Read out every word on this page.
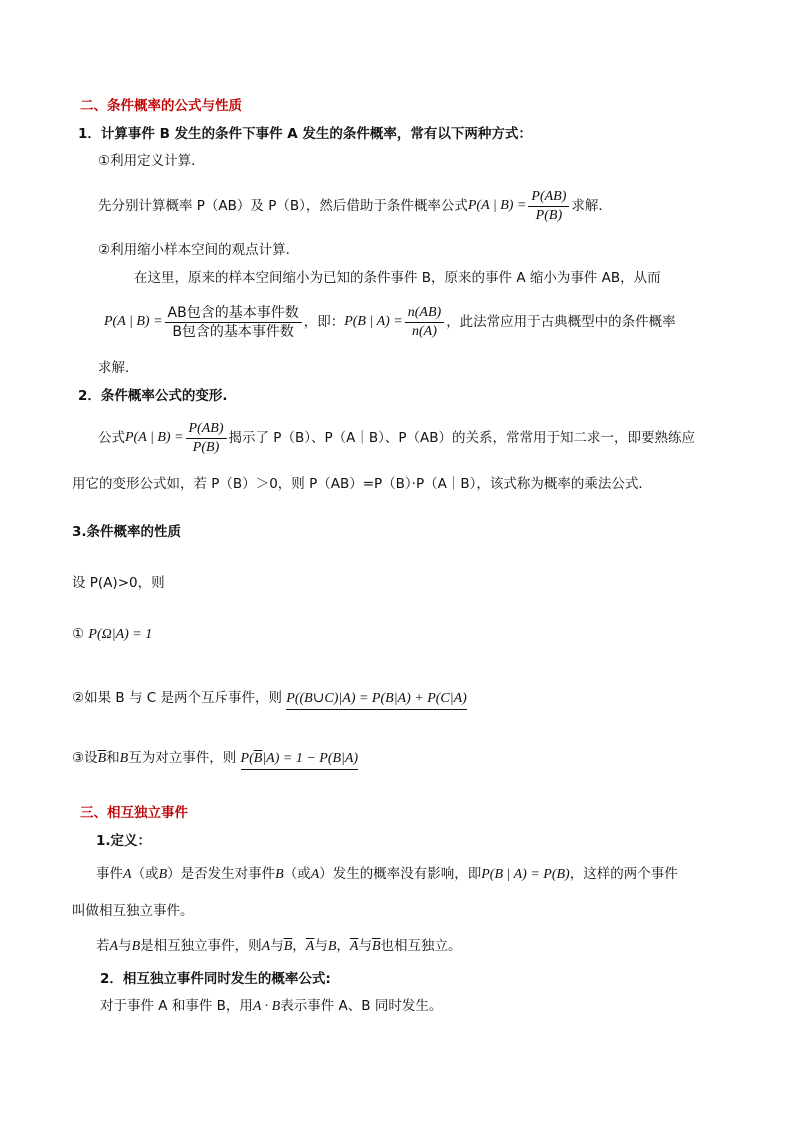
二、条件概率的公式与性质
1．计算事件 B 发生的条件下事件 A 发生的条件概率，常有以下两种方式：
①利用定义计算．
先分别计算概率 P（AB）及 P（B），然后借助于条件概率公式 P(A | $B) = \frac{P(AB)}{P(B)}$ 求解．
②利用缩小样本空间的观点计算．
在这里，原来的样本空间缩小为已知的条件事件 B，原来的事件 A 缩小为事件 AB，从而
P(A | $B) = \frac{\text{AB包含的基本事件数}}{\text{B包含的基本事件数}}$ ，即： P(B | $A) = \frac{n(AB)}{n(A)}$ ，此法常应用于古典概型中的条件概率
求解．
2．条件概率公式的变形.
公式 P(A | $B) = \frac{P(AB)}{P(B)}$ 揭示了 P（B）、P（A｜B）、P（AB）的关系，常常用于知二求一，即要熟练应
用它的变形公式如，若 P（B）＞0，则 P（AB）=P（B）·P（A｜B），该式称为概率的乘法公式．
3.条件概率的性质
设 P(A)>0，则
① P(Ω|A) = 1
②如果 B 与 C 是两个互斥事件，则 P((B∪C)|A) = P(B|A) + P(C|A)
③设$\overline{B}$和B互为对立事件，则 $P(\overline{B}|A) = 1 - P(B|A)$
三、相互独立事件
1.定义：
事件A（或B）是否发生对事件B（或A）发生的概率没有影响，即P(B | A) = P(B)，这样的两个事件
叫做相互独立事件。
若A与B是相互独立事件，则A与$\overline{B}$，$\overline{A}$与B，$\overline{A}$与$\overline{B}$也相互独立。
2．相互独立事件同时发生的概率公式:
对于事件 A 和事件 B，用A · B表示事件 A、B 同时发生。
